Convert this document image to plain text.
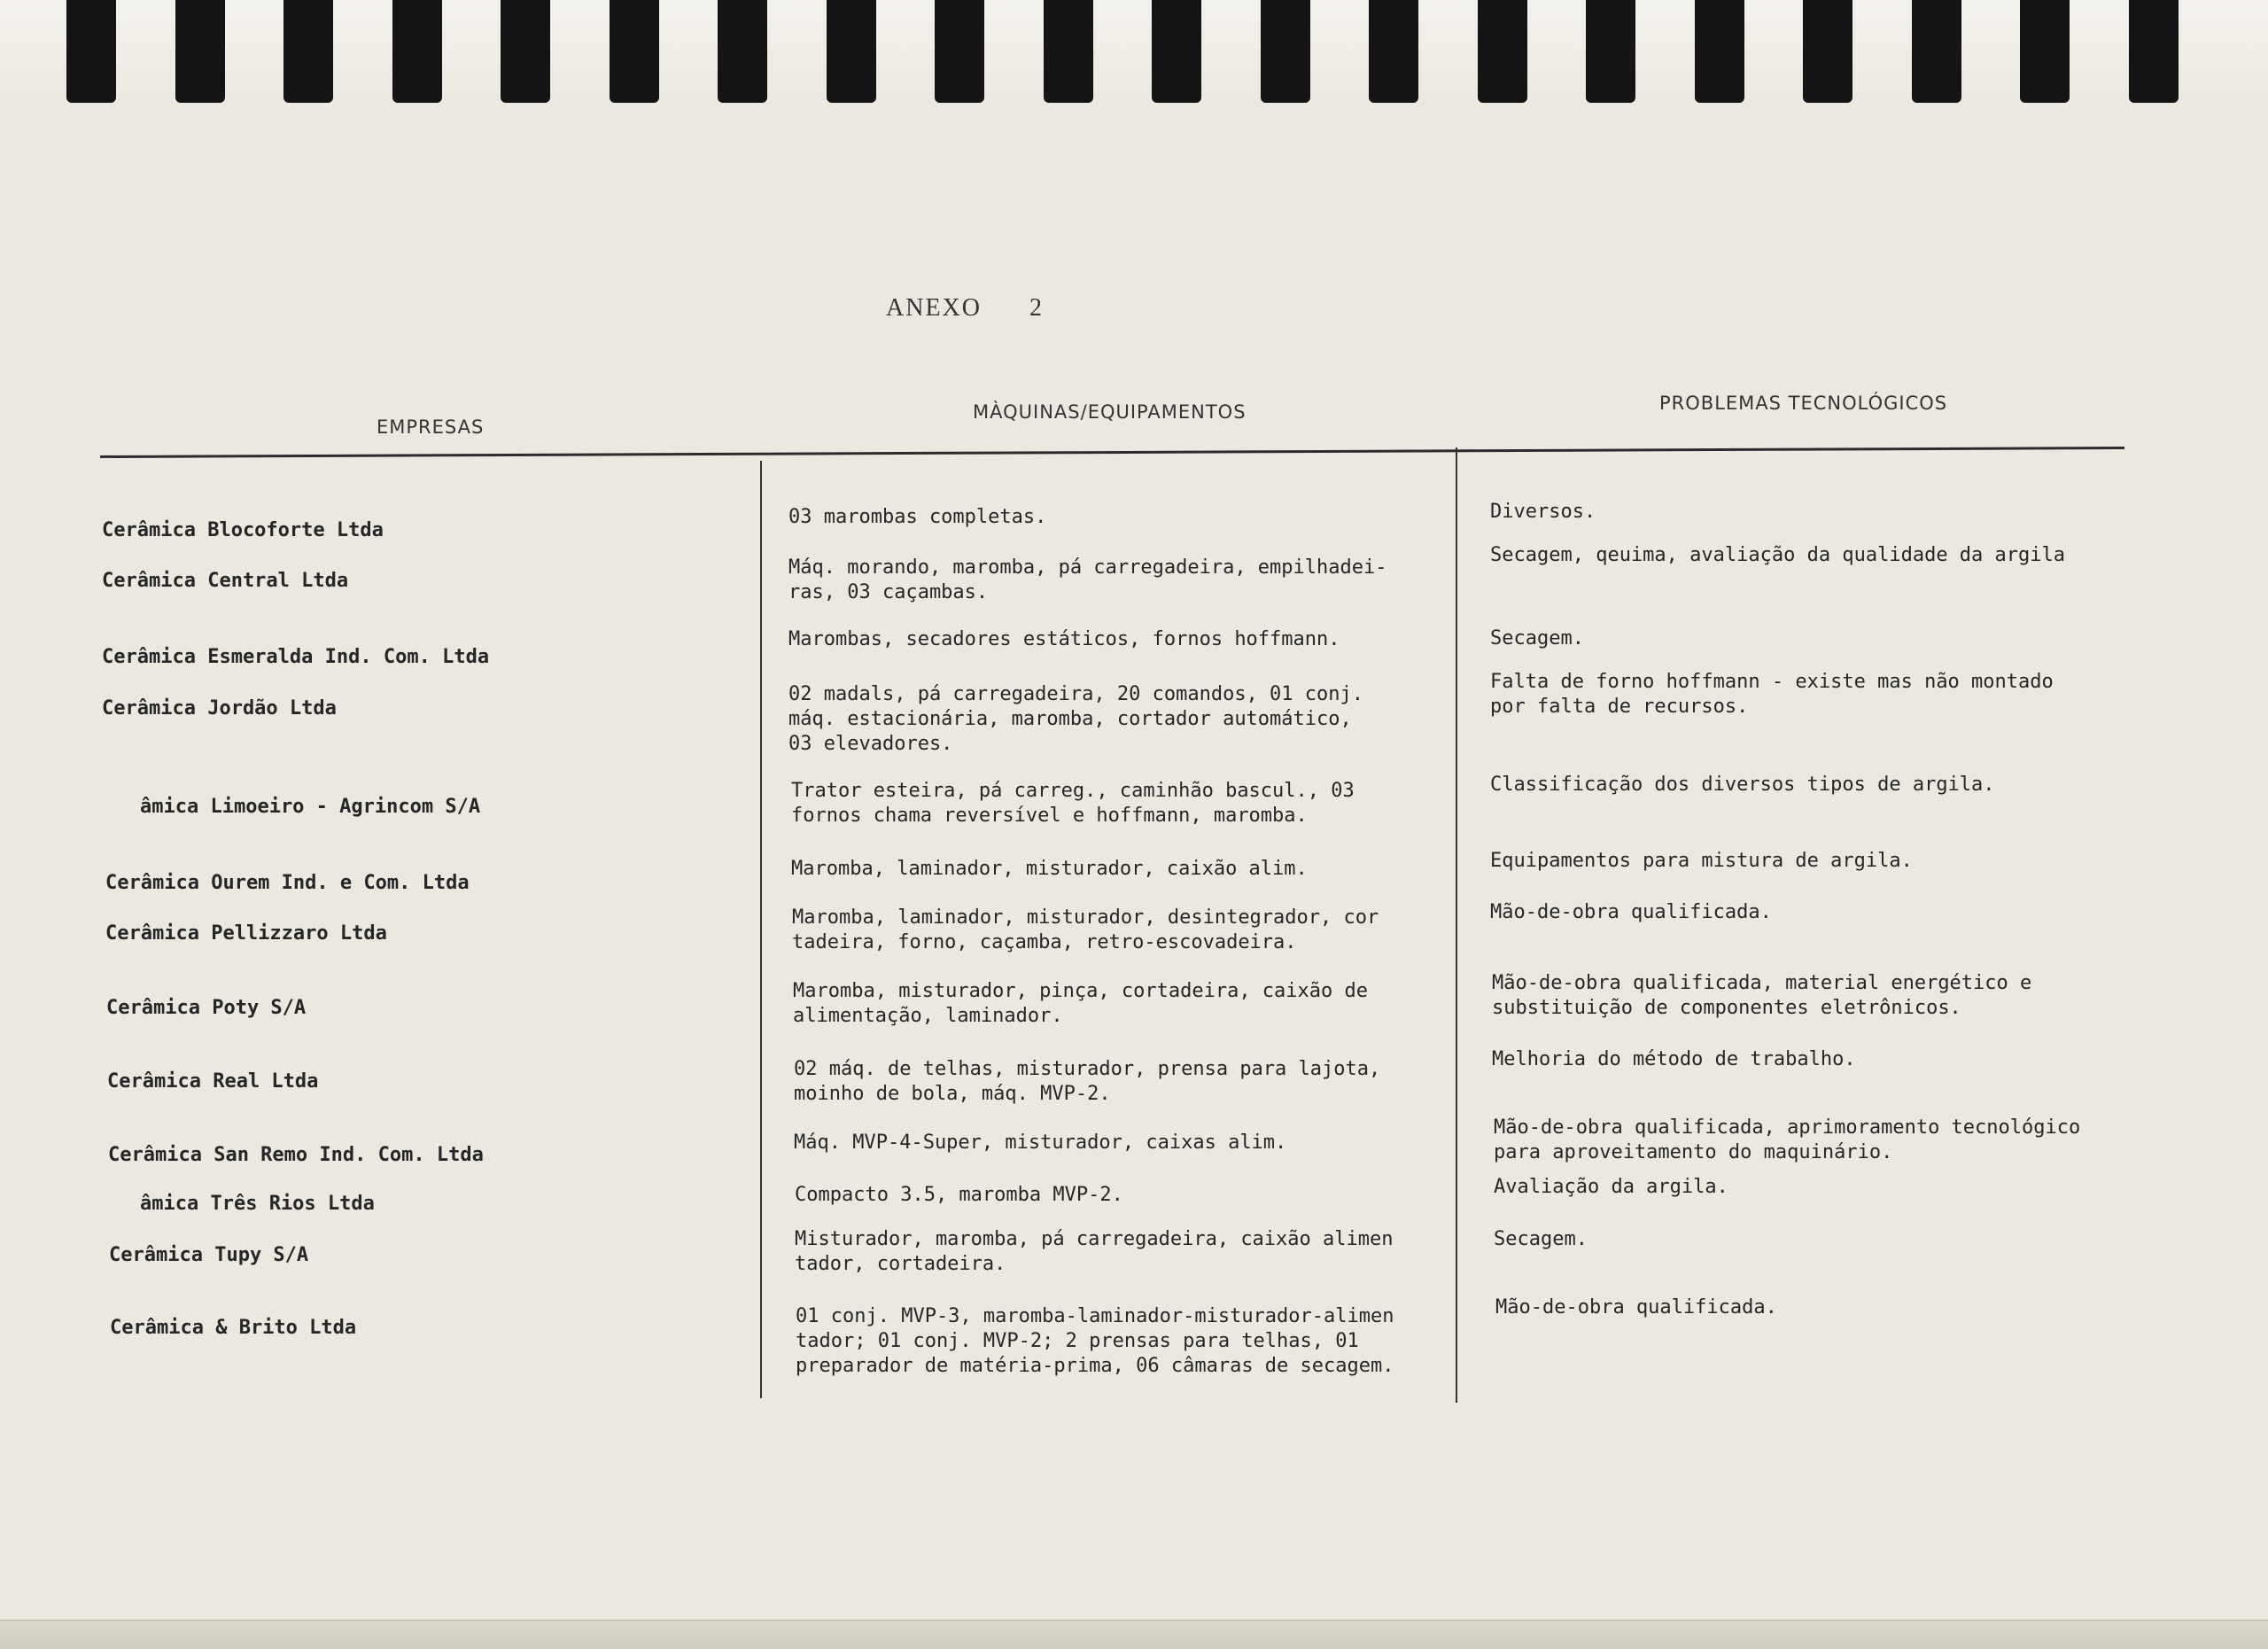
ANEXO      2
EMPRESAS
MÀQUINAS/EQUIPAMENTOS	PROBLEMAS TECNOLÓGICOS
Cerâmica Blocoforte Ltda
Cerâmica Central Ltda
Cerâmica Esmeralda Ind. Com. Ltda
Cerâmica Jordão Ltda
âmica Limoeiro - Agrincom S/A
Cerâmica Ourem Ind. e Com. Ltda
Cerâmica Pellizzaro Ltda
Cerâmica Poty S/A
Cerâmica Real Ltda
Cerâmica San Remo Ind. Com. Ltda
âmica Três Rios Ltda
Cerâmica Tupy S/A
Cerâmica & Brito Ltda
03 marombas completas.
Máq. morando, maromba, pá carregadeira, empilhadei-
ras, 03 caçambas.
Marombas, secadores estáticos, fornos hoffmann.
02 madals, pá carregadeira, 20 comandos, 01 conj.
máq. estacionária, maromba, cortador automático,
03 elevadores.
Trator esteira, pá carreg., caminhão bascul., 03
fornos chama reversível e hoffmann, maromba.
Maromba, laminador, misturador, caixão alim.
Maromba, laminador, misturador, desintegrador, cor
tadeira, forno, caçamba, retro-escovadeira.
Maromba, misturador, pinça, cortadeira, caixão de
alimentação, laminador.
02 máq. de telhas, misturador, prensa para lajota,
moinho de bola, máq. MVP-2.
Máq. MVP-4-Super, misturador, caixas alim.
Compacto 3.5, maromba MVP-2.
Misturador, maromba, pá carregadeira, caixão alimen
tador, cortadeira.
01 conj. MVP-3, maromba-laminador-misturador-alimen
tador; 01 conj. MVP-2; 2 prensas para telhas, 01
preparador de matéria-prima, 06 câmaras de secagem.
Diversos.
Secagem, qeuima, avaliação da qualidade da argila
Secagem.
Falta de forno hoffmann - existe mas não montado
por falta de recursos.
Classificação dos diversos tipos de argila.
Equipamentos para mistura de argila.
Mão-de-obra qualificada.
Mão-de-obra qualificada, material energético e
substituição de componentes eletrônicos.
Melhoria do método de trabalho.
Mão-de-obra qualificada, aprimoramento tecnológico
para aproveitamento do maquinário.
Avaliação da argila.
Secagem.
Mão-de-obra qualificada.
